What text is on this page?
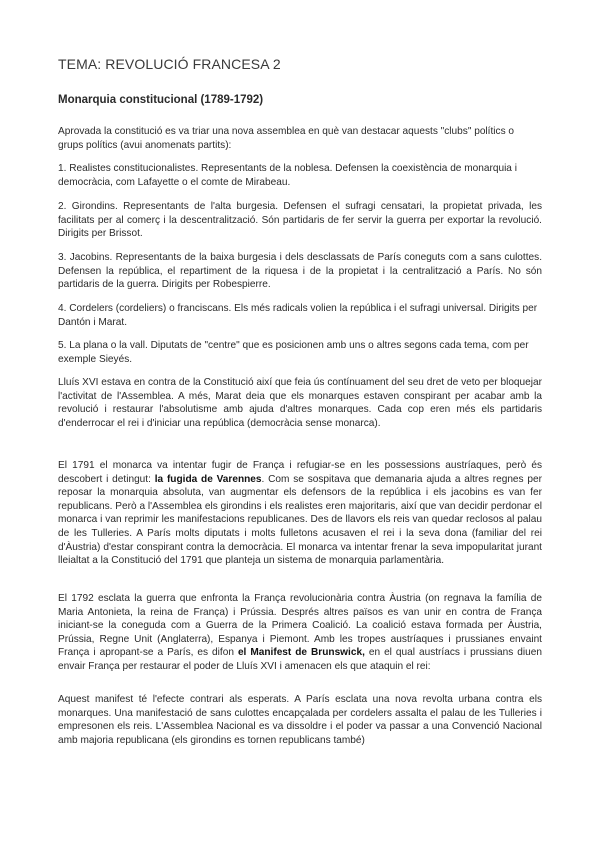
TEMA: REVOLUCIÓ FRANCESA 2
Monarquia constitucional (1789-1792)

Aprovada la constitució es va triar una nova assemblea en què van destacar aquests "clubs" polítics o grups polítics (avui anomenats partits):

1. Realistes constitucionalistes. Representants de la noblesa. Defensen la coexistència de monarquia i democràcia, com Lafayette o el comte de Mirabeau.

2. Girondins. Representants de l'alta burgesia. Defensen el sufragi censatari, la propietat privada, les facilitats per al comerç i la descentralització. Són partidaris de fer servir la guerra per exportar la revolució. Dirigits per Brissot.

3. Jacobins. Representants de la baixa burgesia i dels desclassats de París coneguts com a sans culottes. Defensen la república, el repartiment de la riquesa i de la propietat i la centralització a París. No són partidaris de la guerra. Dirigits per Robespierre.

4. Cordelers (cordeliers) o franciscans. Els més radicals volien la república i el sufragi universal. Dirigits per Dantón i Marat.

5. La plana o la vall. Diputats de "centre" que es posicionen amb uns o altres segons cada tema, com per exemple Sieyés.

Lluís XVI estava en contra de la Constitució així que feia ús contínuament del seu dret de veto per bloquejar l'activitat de l'Assemblea. A més, Marat deia que els monarques estaven conspirant per acabar amb la revolució i restaurar l'absolutisme amb ajuda d'altres monarques. Cada cop eren més els partidaris d'enderrocar el rei i d'iniciar una república (democràcia sense monarca).

El 1791 el monarca va intentar fugir de França i refugiar-se en les possessions austríaques, però és descobert i detingut: la fugida de Varennes. Com se sospitava que demanaria ajuda a altres regnes per reposar la monarquia absoluta, van augmentar els defensors de la república i els jacobins es van fer republicans. Però a l'Assemblea els girondins i els realistes eren majoritaris, així que van decidir perdonar el monarca i van reprimir les manifestacions republicanes. Des de llavors els reis van quedar reclosos al palau de les Tulleries. A París molts diputats i molts fulletons acusaven el rei i la seva dona (familiar del rei d'Àustria) d'estar conspirant contra la democràcia. El monarca va intentar frenar la seva impopularitat jurant lleialtat a la Constitució del 1791 que planteja un sistema de monarquia parlamentària.

El 1792 esclata la guerra que enfronta la França revolucionària contra Àustria (on regnava la família de Maria Antonieta, la reina de França) i Prússia. Després altres països es van unir en contra de França iniciant-se la coneguda com a Guerra de la Primera Coalició. La coalició estava formada per Àustria, Prússia, Regne Unit (Anglaterra), Espanya i Piemont. Amb les tropes austríaques i prussianes envaint França i apropant-se a París, es difon el Manifest de Brunswick, en el qual austríacs i prussians diuen envair França per restaurar el poder de Lluís XVI i amenacen els que ataquin el rei:

Aquest manifest té l'efecte contrari als esperats. A París esclata una nova revolta urbana contra els monarques. Una manifestació de sans culottes encapçalada per cordelers assalta el palau de les Tulleries i empresonen els reis. L'Assemblea Nacional es va dissoldre i el poder va passar a una Convenció Nacional amb majoria republicana (els girondins es tornen republicans també)
